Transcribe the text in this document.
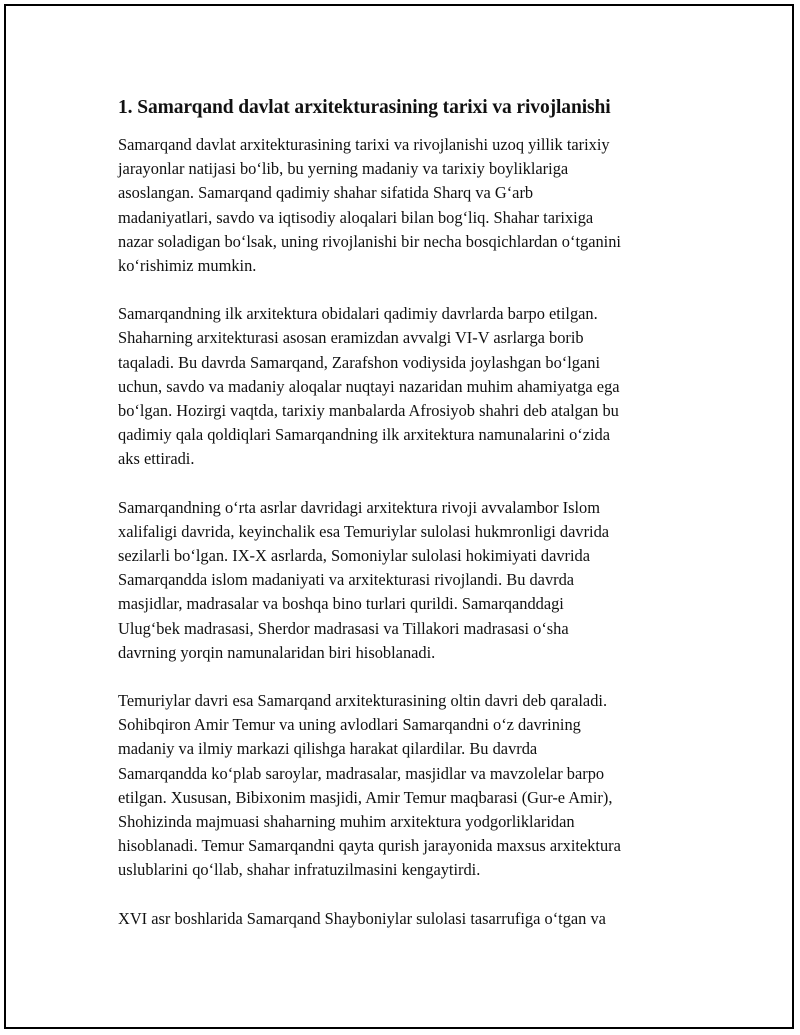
1. Samarqand davlat arxitekturasining tarixi va rivojlanishi

Samarqand davlat arxitekturasining tarixi va rivojlanishi uzoq yillik tarixiy
jarayonlar natijasi bo‘lib, bu yerning madaniy va tarixiy boyliklariga
asoslangan. Samarqand qadimiy shahar sifatida Sharq va G‘arb
madaniyatlari, savdo va iqtisodiy aloqalari bilan bog‘liq. Shahar tarixiga
nazar soladigan bo‘lsak, uning rivojlanishi bir necha bosqichlardan o‘tganini
ko‘rishimiz mumkin.

Samarqandning ilk arxitektura obidalari qadimiy davrlarda barpo etilgan.
Shaharning arxitekturasi asosan eramizdan avvalgi VI-V asrlarga borib
taqaladi. Bu davrda Samarqand, Zarafshon vodiysida joylashgan bo‘lgani
uchun, savdo va madaniy aloqalar nuqtayi nazaridan muhim ahamiyatga ega
bo‘lgan. Hozirgi vaqtda, tarixiy manbalarda Afrosiyob shahri deb atalgan bu
qadimiy qala qoldiqlari Samarqandning ilk arxitektura namunalarini o‘zida
aks ettiradi.

Samarqandning o‘rta asrlar davridagi arxitektura rivoji avvalambor Islom
xalifaligi davrida, keyinchalik esa Temuriylar sulolasi hukmronligi davrida
sezilarli bo‘lgan. IX-X asrlarda, Somoniylar sulolasi hokimiyati davrida
Samarqandda islom madaniyati va arxitekturasi rivojlandi. Bu davrda
masjidlar, madrasalar va boshqa bino turlari qurildi. Samarqanddagi
Ulug‘bek madrasasi, Sherdor madrasasi va Tillakori madrasasi o‘sha
davrning yorqin namunalaridan biri hisoblanadi.

Temuriylar davri esa Samarqand arxitekturasining oltin davri deb qaraladi.
Sohibqiron Amir Temur va uning avlodlari Samarqandni o‘z davrining
madaniy va ilmiy markazi qilishga harakat qilardilar. Bu davrda
Samarqandda ko‘plab saroylar, madrasalar, masjidlar va mavzolelar barpo
etilgan. Xususan, Bibixonim masjidi, Amir Temur maqbarasi (Gur-e Amir),
Shohizinda majmuasi shaharning muhim arxitektura yodgorliklaridan
hisoblanadi. Temur Samarqandni qayta qurish jarayonida maxsus arxitektura
uslublarini qo‘llab, shahar infratuzilmasini kengaytirdi.

XVI asr boshlarida Samarqand Shayboniylar sulolasi tasarrufiga o‘tgan va
